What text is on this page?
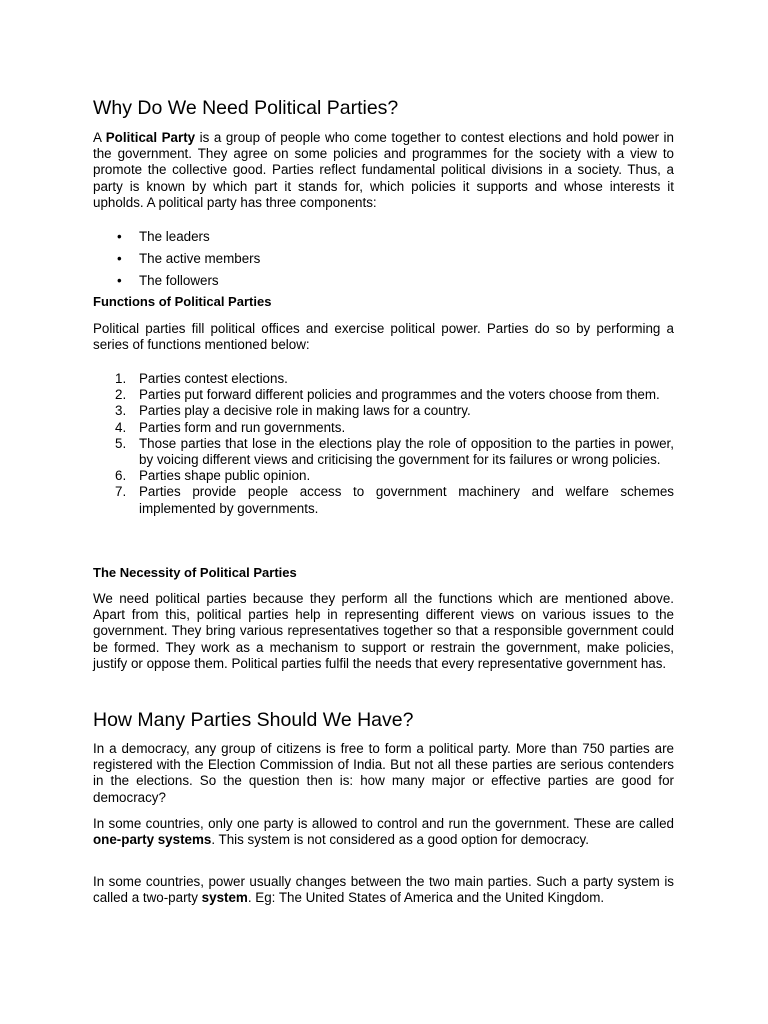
Why Do We Need Political Parties?

A Political Party is a group of people who come together to contest elections and hold power in the government. They agree on some policies and programmes for the society with a view to promote the collective good. Parties reflect fundamental political divisions in a society. Thus, a party is known by which part it stands for, which policies it supports and whose interests it upholds. A political party has three components:

• The leaders
• The active members
• The followers
Functions of Political Parties

Political parties fill political offices and exercise political power. Parties do so by performing a series of functions mentioned below:

1. Parties contest elections.
2. Parties put forward different policies and programmes and the voters choose from them.
3. Parties play a decisive role in making laws for a country.
4. Parties form and run governments.
5. Those parties that lose in the elections play the role of opposition to the parties in power, by voicing different views and criticising the government for its failures or wrong policies.
6. Parties shape public opinion.
7. Parties provide people access to government machinery and welfare schemes implemented by governments.
The Necessity of Political Parties

We need political parties because they perform all the functions which are mentioned above. Apart from this, political parties help in representing different views on various issues to the government. They bring various representatives together so that a responsible government could be formed. They work as a mechanism to support or restrain the government, make policies, justify or oppose them. Political parties fulfil the needs that every representative government has.

How Many Parties Should We Have?

In a democracy, any group of citizens is free to form a political party. More than 750 parties are registered with the Election Commission of India. But not all these parties are serious contenders in the elections. So the question then is: how many major or effective parties are good for democracy?

In some countries, only one party is allowed to control and run the government. These are called one-party systems. This system is not considered as a good option for democracy.

In some countries, power usually changes between the two main parties. Such a party system is called a two-party system. Eg: The United States of America and the United Kingdom.
